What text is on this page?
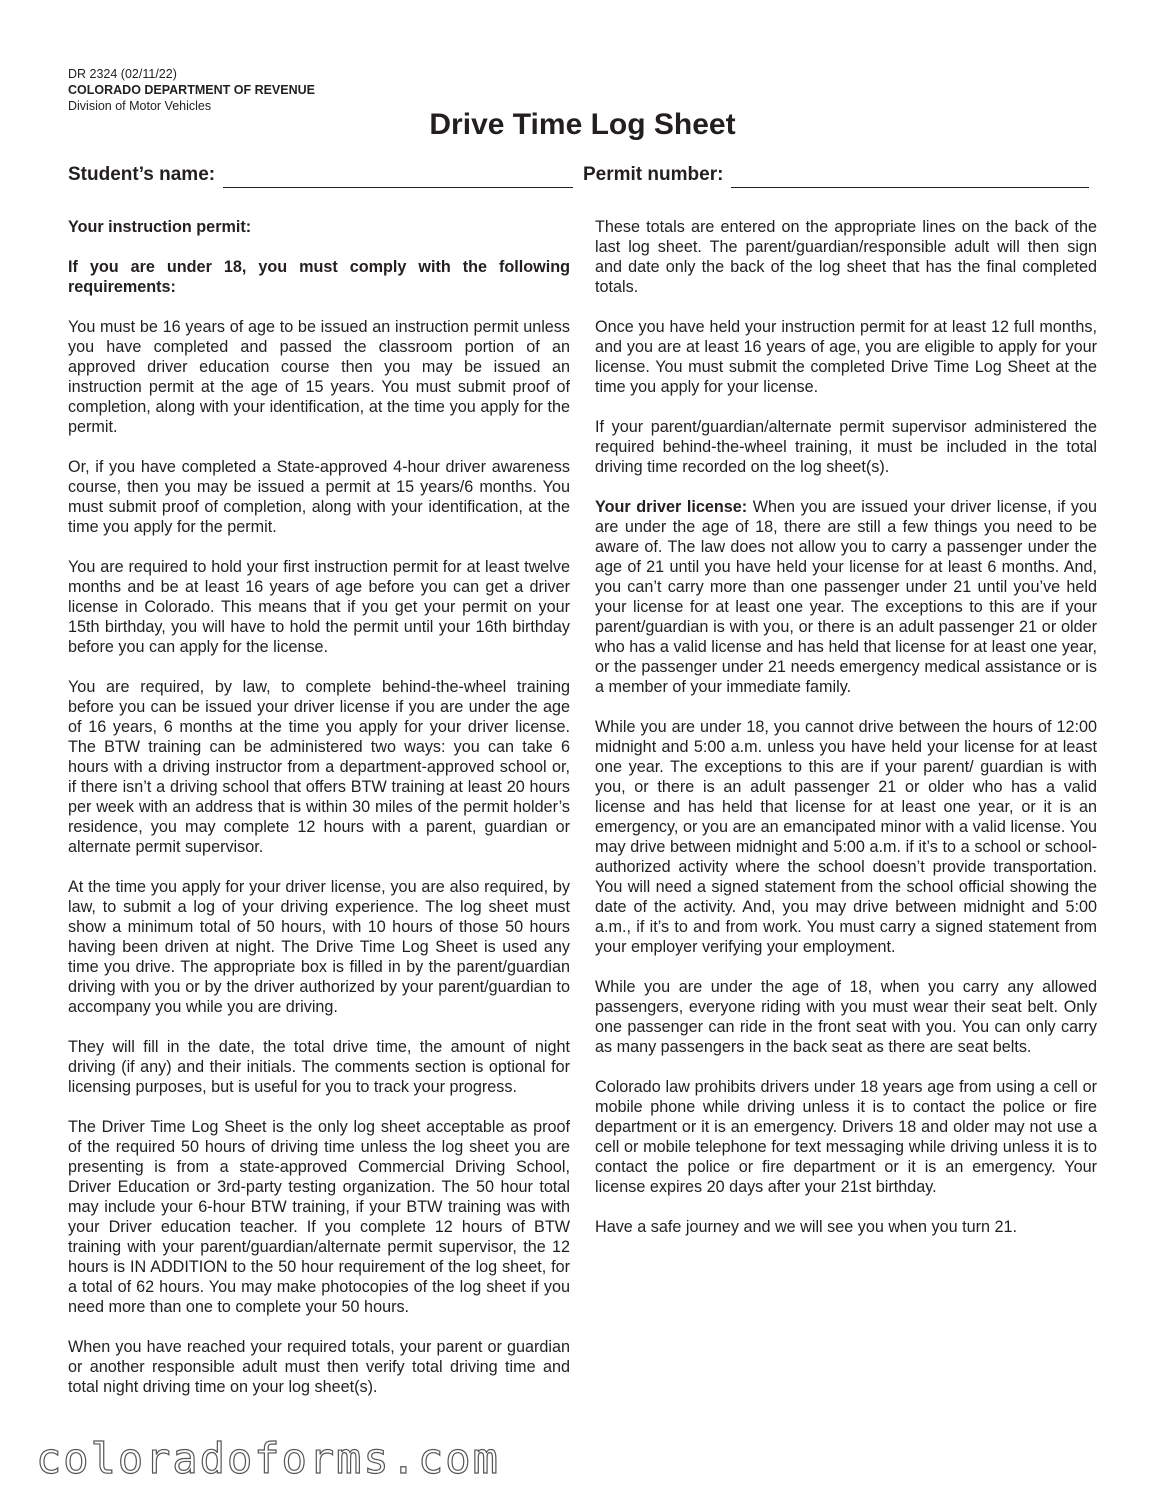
DR 2324 (02/11/22)
COLORADO DEPARTMENT OF REVENUE
Division of Motor Vehicles
Drive Time Log Sheet
Student’s name:	Permit number:

Your instruction permit:

If you are under 18, you must comply with the following requirements:

You must be 16 years of age to be issued an instruction permit unless you have completed and passed the classroom portion of an approved driver education course then you may be issued an instruction permit at the age of 15 years. You must submit proof of completion, along with your identification, at the time you apply for the permit.

Or, if you have completed a State-approved 4-hour driver awareness course, then you may be issued a permit at 15 years/6 months. You must submit proof of completion, along with your identification, at the time you apply for the permit.

You are required to hold your first instruction permit for at least twelve months and be at least 16 years of age before you can get a driver license in Colorado. This means that if you get your permit on your 15th birthday, you will have to hold the permit until your 16th birthday before you can apply for the license.

You are required, by law, to complete behind-the-wheel training before you can be issued your driver license if you are under the age of 16 years, 6 months at the time you apply for your driver license. The BTW training can be administered two ways: you can take 6 hours with a driving instructor from a department-approved school or, if there isn’t a driving school that offers BTW training at least 20 hours per week with an address that is within 30 miles of the permit holder’s residence, you may complete 12 hours with a parent, guardian or alternate permit supervisor.

At the time you apply for your driver license, you are also required, by law, to submit a log of your driving experience. The log sheet must show a minimum total of 50 hours, with 10 hours of those 50 hours having been driven at night. The Drive Time Log Sheet is used any time you drive. The appropriate box is filled in by the parent/guardian driving with you or by the driver authorized by your parent/guardian to accompany you while you are driving.

They will fill in the date, the total drive time, the amount of night driving (if any) and their initials. The comments section is optional for licensing purposes, but is useful for you to track your progress.

The Driver Time Log Sheet is the only log sheet acceptable as proof of the required 50 hours of driving time unless the log sheet you are presenting is from a state-approved Commercial Driving School, Driver Education or 3rd-party testing organization. The 50 hour total may include your 6-hour BTW training, if your BTW training was with your Driver education teacher. If you complete 12 hours of BTW training with your parent/guardian/alternate permit supervisor, the 12 hours is IN ADDITION to the 50 hour requirement of the log sheet, for a total of 62 hours. You may make photocopies of the log sheet if you need more than one to complete your 50 hours.

When you have reached your required totals, your parent or guardian or another responsible adult must then verify total driving time and total night driving time on your log sheet(s).

These totals are entered on the appropriate lines on the back of the last log sheet. The parent/guardian/responsible adult will then sign and date only the back of the log sheet that has the final completed totals.

Once you have held your instruction permit for at least 12 full months, and you are at least 16 years of age, you are eligible to apply for your license. You must submit the completed Drive Time Log Sheet at the time you apply for your license.

If your parent/guardian/alternate permit supervisor administered the required behind-the-wheel training, it must be included in the total driving time recorded on the log sheet(s).

Your driver license: When you are issued your driver license, if you are under the age of 18, there are still a few things you need to be aware of. The law does not allow you to carry a passenger under the age of 21 until you have held your license for at least 6 months. And, you can’t carry more than one passenger under 21 until you’ve held your license for at least one year. The exceptions to this are if your parent/guardian is with you, or there is an adult passenger 21 or older who has a valid license and has held that license for at least one year, or the passenger under 21 needs emergency medical assistance or is a member of your immediate family.

While you are under 18, you cannot drive between the hours of 12:00 midnight and 5:00 a.m. unless you have held your license for at least one year. The exceptions to this are if your parent/ guardian is with you, or there is an adult passenger 21 or older who has a valid license and has held that license for at least one year, or it is an emergency, or you are an emancipated minor with a valid license. You may drive between midnight and 5:00 a.m. if it’s to a school or school-authorized activity where the school doesn’t provide transportation. You will need a signed statement from the school official showing the date of the activity. And, you may drive between midnight and 5:00 a.m., if it’s to and from work. You must carry a signed statement from your employer verifying your employment.

While you are under the age of 18, when you carry any allowed passengers, everyone riding with you must wear their seat belt. Only one passenger can ride in the front seat with you. You can only carry as many passengers in the back seat as there are seat belts.

Colorado law prohibits drivers under 18 years age from using a cell or mobile phone while driving unless it is to contact the police or fire department or it is an emergency. Drivers 18 and older may not use a cell or mobile telephone for text messaging while driving unless it is to contact the police or fire department or it is an emergency. Your license expires 20 days after your 21st birthday.

Have a safe journey and we will see you when you turn 21.

coloradoforms.com
